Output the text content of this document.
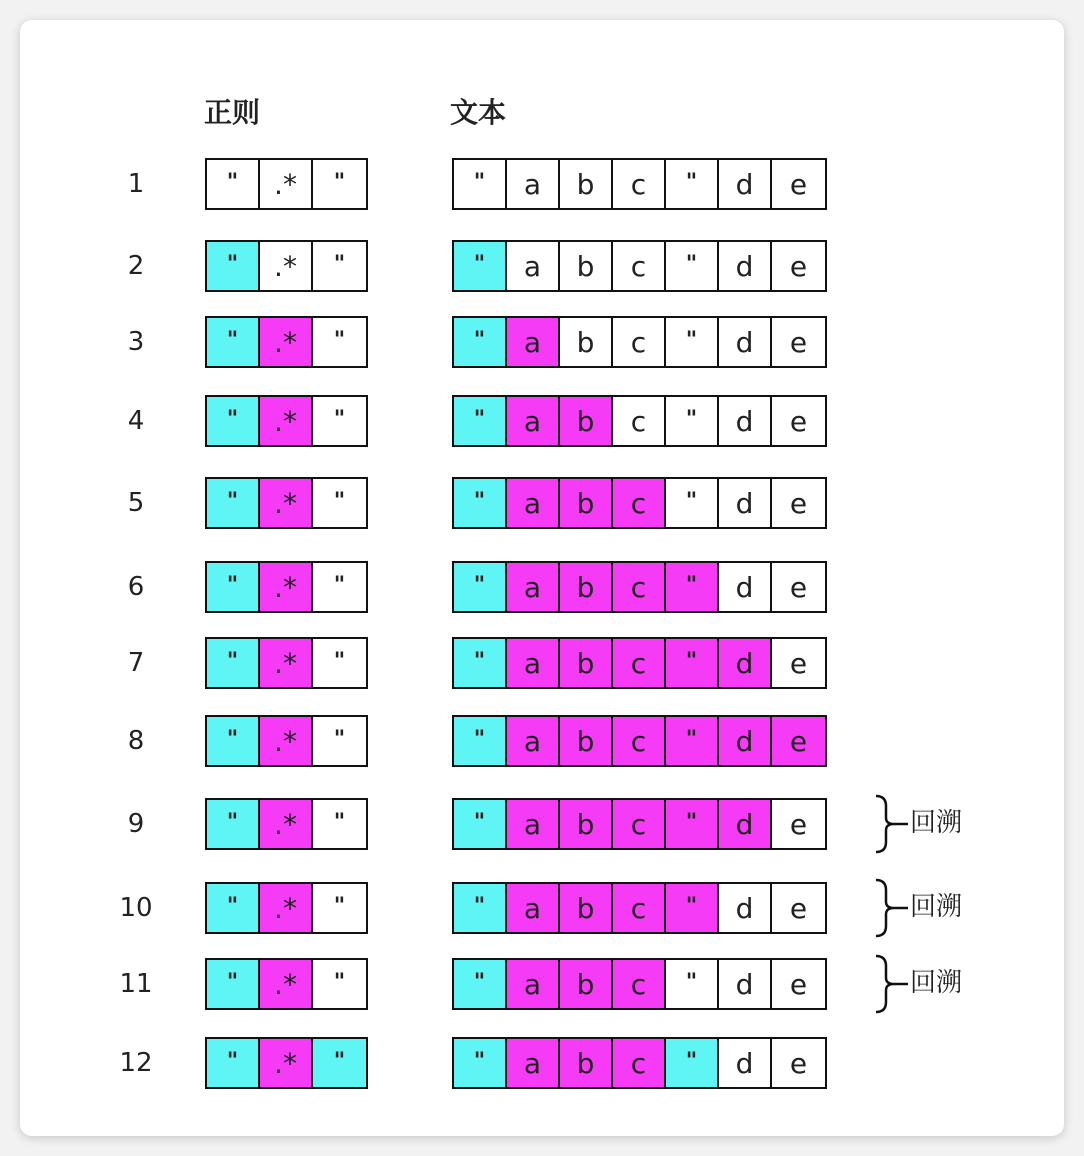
正则	文本
1	"	.*	"	"	a	b	c	"	d	e
2	"	.*	"	"	a	b	c	"	d	e
3	"	.*	"	"	a	b	c	"	d	e
4	"	.*	"	"	a	b	c	"	d	e
5	"	.*	"	"	a	b	c	"	d	e
6	"	.*	"	"	a	b	c	"	d	e
7	"	.*	"	"	a	b	c	"	d	e
8	"	.*	"	"	a	b	c	"	d	e
9	"	.*	"	"	a	b	c	"	d	e	回溯
10	"	.*	"	"	a	b	c	"	d	e	回溯
11	"	.*	"	"	a	b	c	"	d	e	回溯
12	"	.*	"	"	a	b	c	"	d	e
